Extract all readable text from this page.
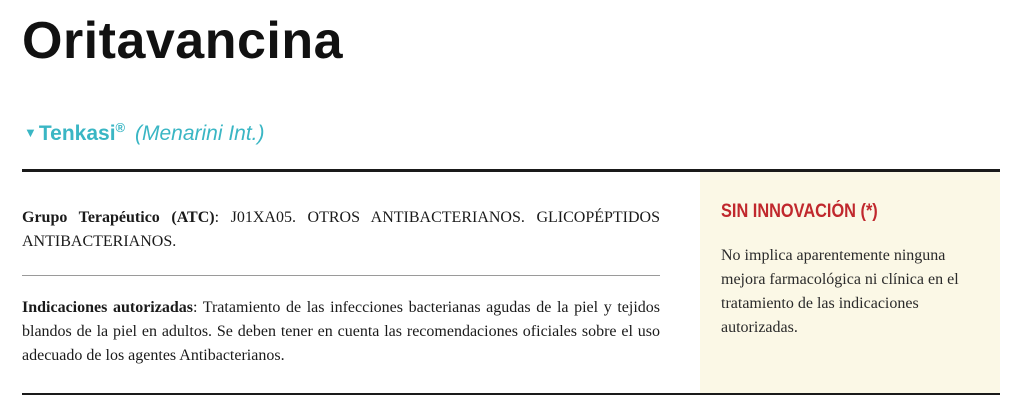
Oritavancina
▼Tenkasi® (Menarini Int.)

Grupo Terapéutico (ATC): J01XA05. OTROS ANTIBACTERIANOS. GLICOPÉPTIDOS ANTIBACTERIANOS.

Indicaciones autorizadas: Tratamiento de las infecciones bacterianas agudas de la piel y tejidos blandos de la piel en adultos. Se deben tener en cuenta las recomendaciones oficiales sobre el uso adecuado de los agentes Antibacterianos.

SIN INNOVACIÓN (*)

No implica aparentemente ninguna mejora farmacológica ni clínica en el tratamiento de las indicaciones autorizadas.
